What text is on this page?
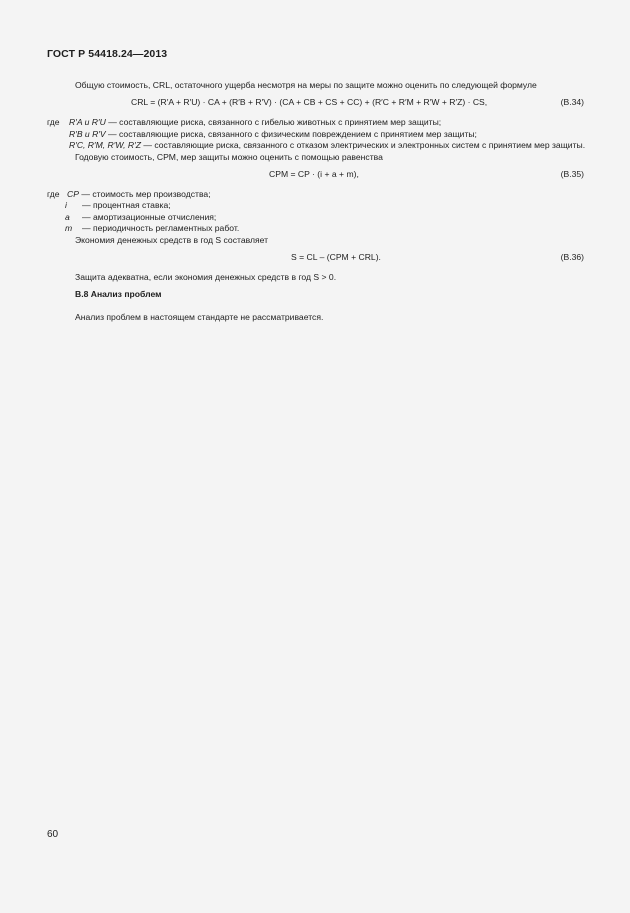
ГОСТ Р 54418.24—2013

Общую стоимость, CRL, остаточного ущерба несмотря на меры по защите можно оценить по следующей формуле

CRL = (R′A + R′U) · CA + (R′B + R′V) · (CA + CB + CS + CC) + (R′C + R′M + R′W + R′Z) · CS,	(В.34)
где R′A и R′U — составляющие риска, связанного с гибелью животных с принятием мер защиты;
R′B и R′V — составляющие риска, связанного с физическим повреждением с принятием мер защиты;
R′C, R′M, R′W, R′Z — составляющие риска, связанного с отказом электрических и электронных систем с принятием мер защиты.

Годовую стоимость, CPM, мер защиты можно оценить с помощью равенства

CPM = CP · (i + a + m),	(В.35)
где CP — стоимость мер производства;
i	— процентная ставка;
a	— амортизационные отчисления;
m	— периодичность регламентных работ.

Экономия денежных средств в год S составляет

S = CL – (CPM + CRL).	(В.36)

Защита адекватна, если экономия денежных средств в год S > 0.

В.8 Анализ проблем

Анализ проблем в настоящем стандарте не рассматривается.

60
